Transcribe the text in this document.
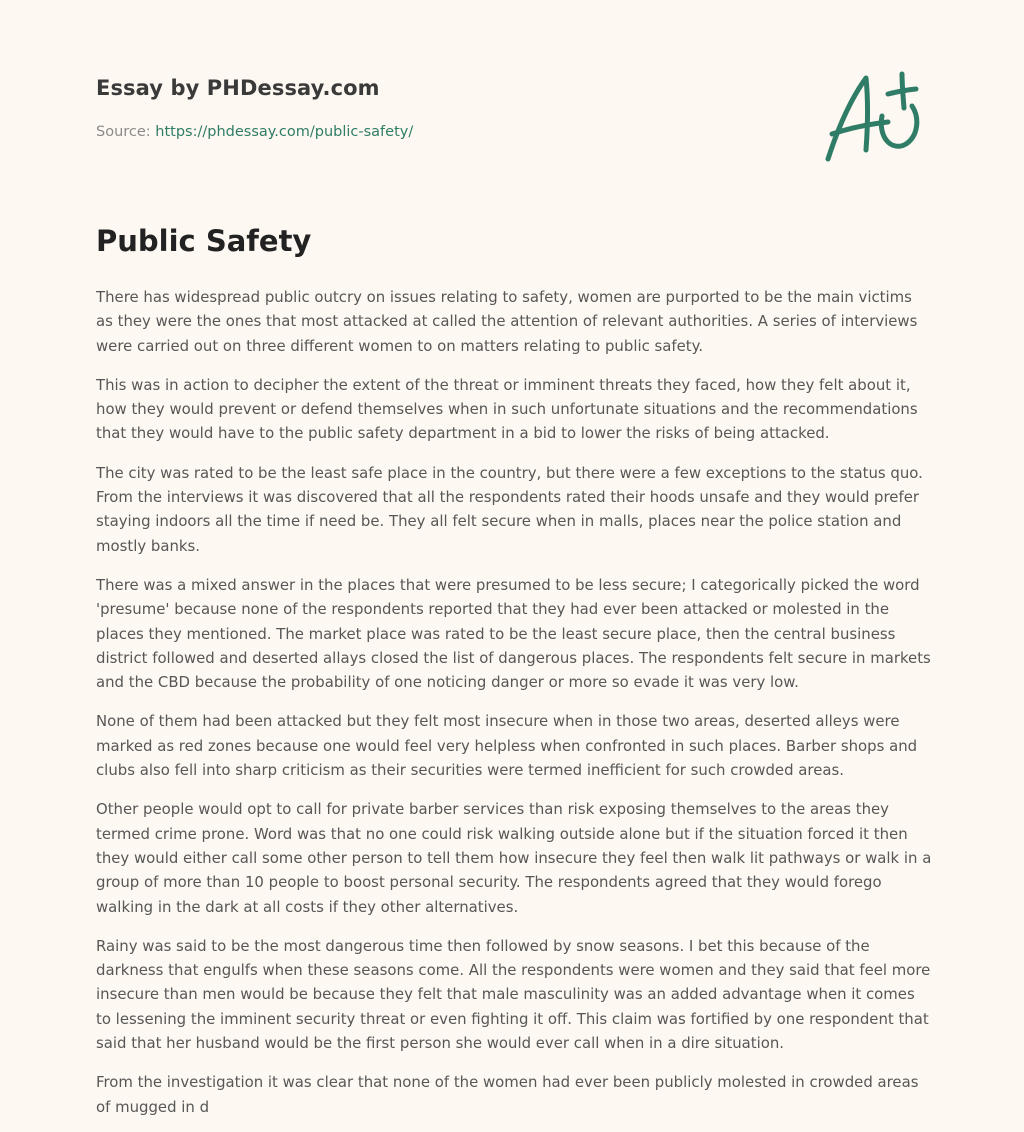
Essay by PHDessay.com

Source: https://phdessay.com/public-safety/

Public Safety

There has widespread public outcry on issues relating to safety, women are purported to be the main victims as they were the ones that most attacked at called the attention of relevant authorities. A series of interviews were carried out on three different women to on matters relating to public safety.

This was in action to decipher the extent of the threat or imminent threats they faced, how they felt about it, how they would prevent or defend themselves when in such unfortunate situations and the recommendations that they would have to the public safety department in a bid to lower the risks of being attacked.

The city was rated to be the least safe place in the country, but there were a few exceptions to the status quo. From the interviews it was discovered that all the respondents rated their hoods unsafe and they would prefer staying indoors all the time if need be. They all felt secure when in malls, places near the police station and mostly banks.

There was a mixed answer in the places that were presumed to be less secure; I categorically picked the word 'presume' because none of the respondents reported that they had ever been attacked or molested in the places they mentioned. The market place was rated to be the least secure place, then the central business district followed and deserted allays closed the list of dangerous places. The respondents felt secure in markets and the CBD because the probability of one noticing danger or more so evade it was very low.

None of them had been attacked but they felt most insecure when in those two areas, deserted alleys were marked as red zones because one would feel very helpless when confronted in such places. Barber shops and clubs also fell into sharp criticism as their securities were termed inefficient for such crowded areas.

Other people would opt to call for private barber services than risk exposing themselves to the areas they termed crime prone. Word was that no one could risk walking outside alone but if the situation forced it then they would either call some other person to tell them how insecure they feel then walk lit pathways or walk in a group of more than 10 people to boost personal security. The respondents agreed that they would forego walking in the dark at all costs if they other alternatives.

Rainy was said to be the most dangerous time then followed by snow seasons. I bet this because of the darkness that engulfs when these seasons come. All the respondents were women and they said that feel more insecure than men would be because they felt that male masculinity was an added advantage when it comes to lessening the imminent security threat or even fighting it off. This claim was fortified by one respondent that said that her husband would be the first person she would ever call when in a dire situation.

From the investigation it was clear that none of the women had ever been publicly molested in crowded areas of mugged in d
